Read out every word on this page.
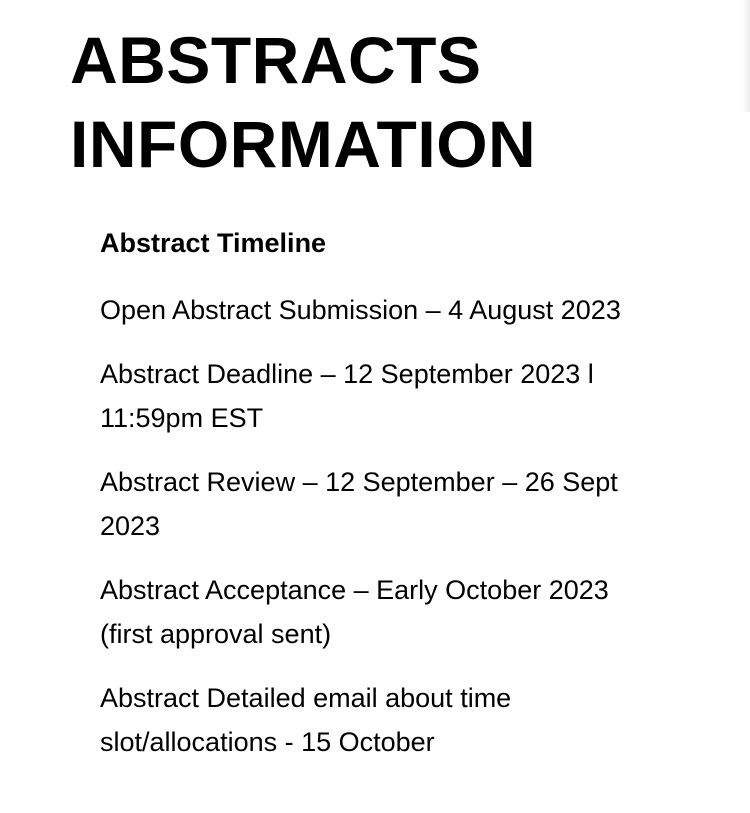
ABSTRACTS INFORMATION
Abstract Timeline
Open Abstract Submission – 4 August 2023
Abstract Deadline – 12 September 2023 l 11:59pm EST
Abstract Review – 12 September – 26 Sept 2023
Abstract Acceptance – Early October 2023  (first approval sent)
Abstract Detailed email about time slot/allocations - 15 October
